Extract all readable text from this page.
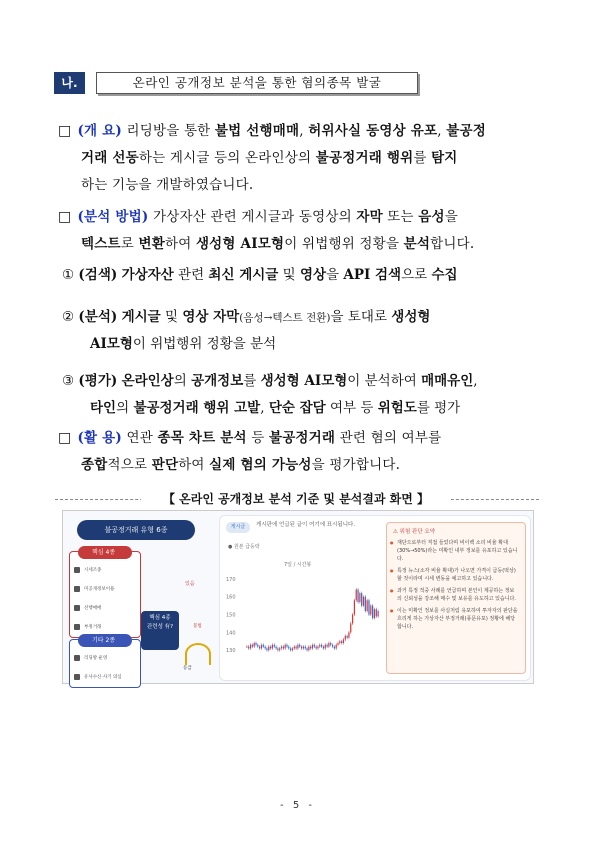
나.	온라인 공개정보 분석을 통한 혐의종목 발굴
□ (개 요) 리딩방을 통한 불법 선행매매, 허위사실 동영상 유포, 불공정
거래 선동하는 게시글 등의 온라인상의 불공정거래 행위를 탐지
하는 기능을 개발하였습니다.
□ (분석 방법) 가상자산 관련 게시글과 동영상의 자막 또는 음성을
텍스트로 변환하여 생성형 AI모형이 위법행위 정황을 분석합니다.
① (검색) 가상자산 관련 최신 게시글 및 영상을 API 검색으로 수집
② (분석) 게시글 및 영상 자막(음성→텍스트 전환)을 토대로 생성형
AI모형이 위법행위 정황을 분석
③ (평가) 온라인상의 공개정보를 생성형 AI모형이 분석하여 매매유인,
타인의 불공정거래 행위 고발, 단순 잡담 여부 등 위험도를 평가
□ (활 용) 연관 종목 차트 분석 등 불공정거래 관련 혐의 여부를
종합적으로 판단하여 실제 혐의 가능성을 평가합니다.
【 온라인 공개정보 분석 기준 및 분석결과 화면 】
불공정거래 유형 6종
핵심 4종
시세조종
미공개정보이용
선행매매
부정거래
기타 2종
리딩방 운영
유사수신·사기 의심
핵심 4종
관련성 有?
있음
불법
등급
게시글	게시판에 언급된 글이 여기에 표시됩니다.
● 원본 급등락
7일 / 시간봉
130
140
150
160
170
⚠ 위험 판단 요약
● 재단으로부터 직접 들었다며 비이백 소리 비율 확대(30%→50%)라는 미확인 내부 정보를 유포하고 있습니다.
● 특정 뉴스(소각 비율 확대)가 나오면 가격이 급등(떡상)할 것이라며 시세 변동을 예고하고 있습니다.
● 과거 특정 적중 사례를 언급하며 본인이 제공하는 정보의 신뢰성을 강조해 매수 및 보유를 유도하고 있습니다.
● 이는 미확인 정보를 사실처럼 유포하여 투자자의 판단을 흐리게 하는 가상자산 부정거래(풍문유포) 정황에 해당합니다.
- 5 -
